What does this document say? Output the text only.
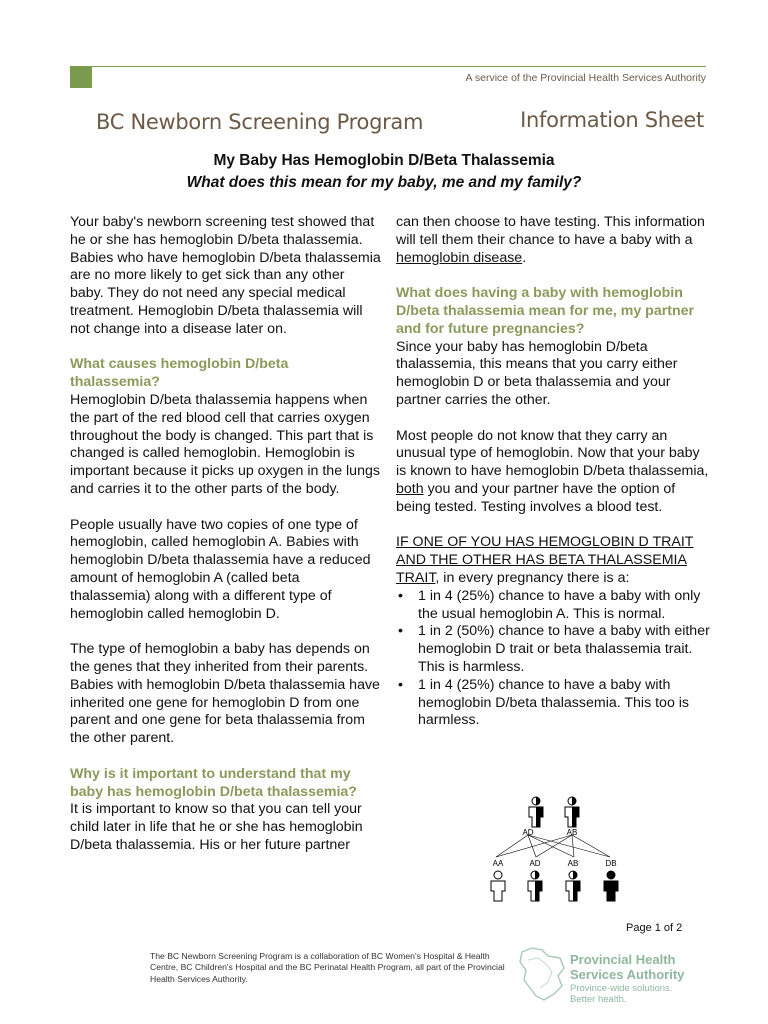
A service of the Provincial Health Services Authority
BC Newborn Screening Program	Information Sheet
My Baby Has Hemoglobin D/Beta Thalassemia
What does this mean for my baby, me and my family?

Your baby's newborn screening test showed that he or she has hemoglobin D/beta thalassemia. Babies who have hemoglobin D/beta thalassemia are no more likely to get sick than any other baby. They do not need any special medical treatment. Hemoglobin D/beta thalassemia will not change into a disease later on.

What causes hemoglobin D/beta thalassemia?

Hemoglobin D/beta thalassemia happens when the part of the red blood cell that carries oxygen throughout the body is changed. This part that is changed is called hemoglobin. Hemoglobin is important because it picks up oxygen in the lungs and carries it to the other parts of the body.

People usually have two copies of one type of hemoglobin, called hemoglobin A. Babies with hemoglobin D/beta thalassemia have a reduced amount of hemoglobin A (called beta thalassemia) along with a different type of hemoglobin called hemoglobin D.

The type of hemoglobin a baby has depends on the genes that they inherited from their parents. Babies with hemoglobin D/beta thalassemia have inherited one gene for hemoglobin D from one parent and one gene for beta thalassemia from the other parent.

Why is it important to understand that my baby has hemoglobin D/beta thalassemia?

It is important to know so that you can tell your child later in life that he or she has hemoglobin D/beta thalassemia. His or her future partner

can then choose to have testing. This information will tell them their chance to have a baby with a hemoglobin disease.

What does having a baby with hemoglobin D/beta thalassemia mean for me, my partner and for future pregnancies?

Since your baby has hemoglobin D/beta thalassemia, this means that you carry either hemoglobin D or beta thalassemia and your partner carries the other.

Most people do not know that they carry an unusual type of hemoglobin. Now that your baby is known to have hemoglobin D/beta thalassemia, both you and your partner have the option of being tested. Testing involves a blood test.

IF ONE OF YOU HAS HEMOGLOBIN D TRAIT AND THE OTHER HAS BETA THALASSEMIA TRAIT, in every pregnancy there is a:

• 1 in 4 (25%) chance to have a baby with only the usual hemoglobin A. This is normal.
• 1 in 2 (50%) chance to have a baby with either hemoglobin D trait or beta thalassemia trait. This is harmless.
• 1 in 4 (25%) chance to have a baby with hemoglobin D/beta thalassemia. This too is harmless.
AD	AB
AA	AD	AB	DB
Page 1 of 2
The BC Newborn Screening Program is a collaboration of BC Women's Hospital & Health Centre, BC Children's Hospital and the BC Perinatal Health Program, all part of the Provincial Health Services Authority.
Provincial Health
Services Authority
Province-wide solutions.
Better health.
